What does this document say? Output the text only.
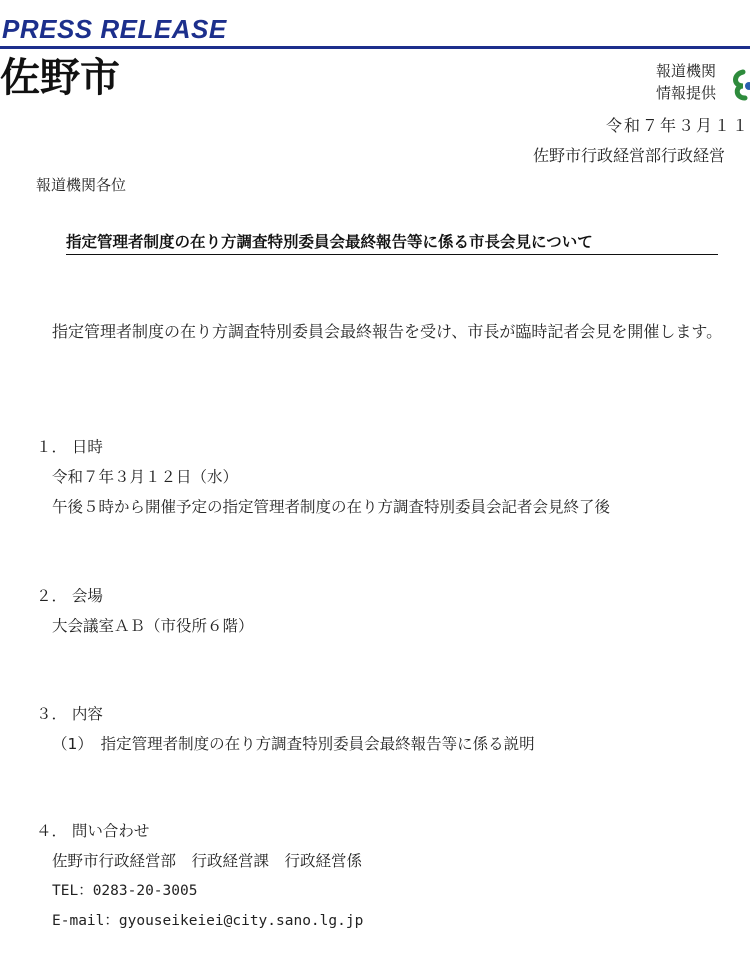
PRESS RELEASE
佐野市	報道機関
情報提供
令和７年３月１１
佐野市行政経営部行政経営
報道機関各位
指定管理者制度の在り方調査特別委員会最終報告等に係る市長会見について
指定管理者制度の在り方調査特別委員会最終報告を受け、市長が臨時記者会見を開催します。
１． 日時
令和７年３月１２日（水）
午後５時から開催予定の指定管理者制度の在り方調査特別委員会記者会見終了後
２． 会場
大会議室ＡＢ（市役所６階）
３． 内容
（1）　指定管理者制度の在り方調査特別委員会最終報告等に係る説明
４． 問い合わせ
佐野市行政経営部　行政経営課　行政経営係
TEL：0283-20-3005
E-mail：gyouseikeiei@city.sano.lg.jp
